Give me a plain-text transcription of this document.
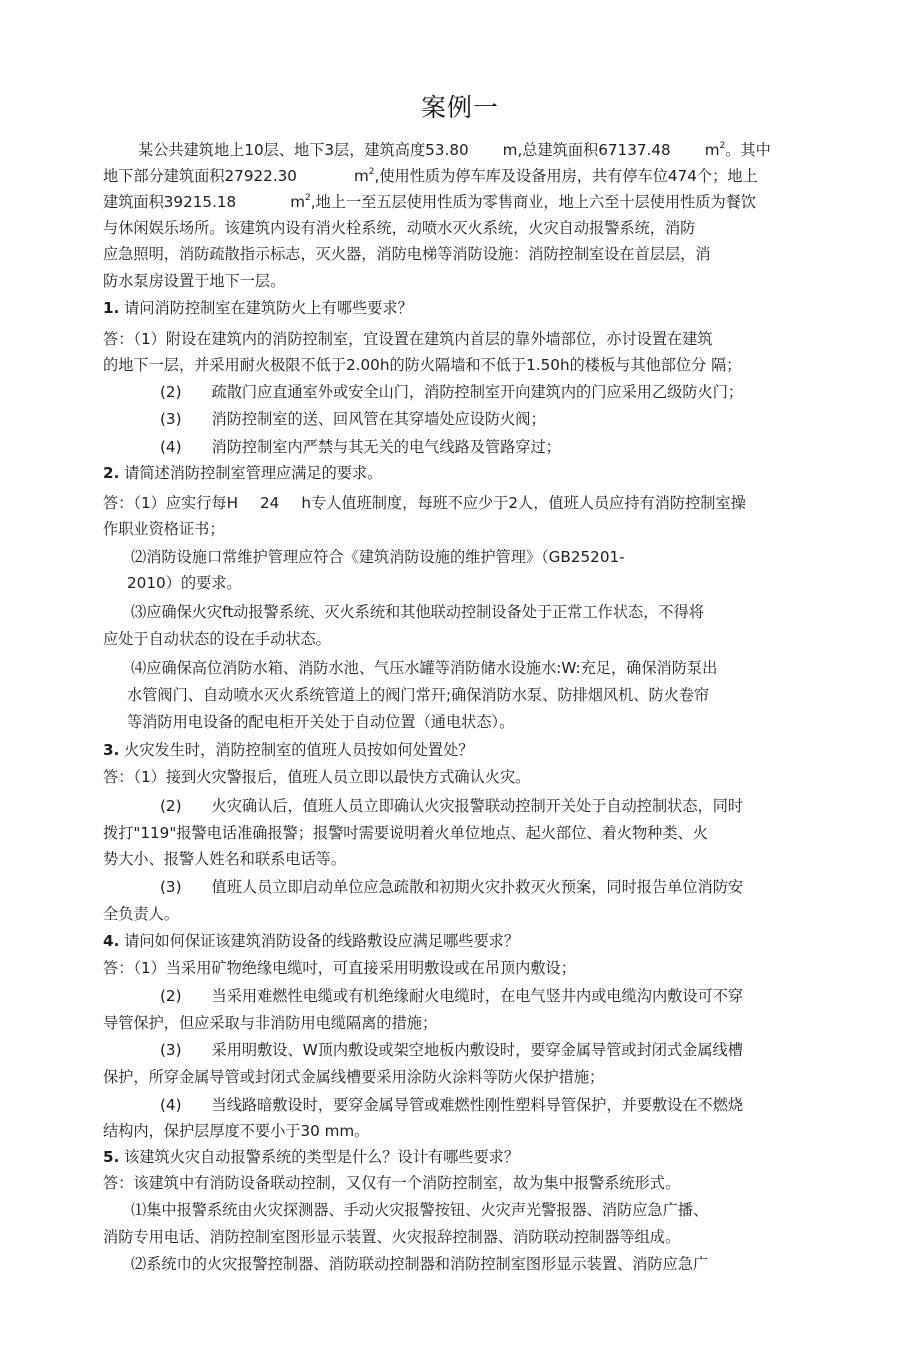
案例一
某公共建筑地上10层、地下3层，建筑高度53.80 m,总建筑面积67137.48 $m^2$。其中
地下部分建筑面积27922.30	$m^2$,使用性质为停车库及设备用房，共有停车位474个；地上
建筑面积39215.18	$m^2$,地上一至五层使用性质为零售商业，地上六至十层使用性质为餐饮
与休闲娱乐场所。该建筑内设有消火栓系统，动喷水灭火系统，火灾自动报警系统，消防
应急照明，消防疏散指示标志，灭火器，消防电梯等消防设施：消防控制室设在首层层，消
防水泵房设置于地下一层。
1. 请问消防控制室在建筑防火上有哪些要求？
答：（1）附设在建筑内的消防控制室，宜设置在建筑内首层的靠外墙部位，亦讨设置在建筑
的地下一层，并采用耐火极限不低于2.00h的防火隔墙和不低于1.50h的楼板与其他部位分 隔；
(2) 疏散门应直通室外或安全山门，消防控制室开向建筑内的门应采用乙级防火门；
(3) 消防控制室的送、回风管在其穿墙处应设防火阀；
(4) 消防控制室内严禁与其无关的电气线路及管路穿过；
2. 请简述消防控制室管理应满足的要求。
答：（1）应实行每H 24 h专人值班制度，每班不应少于2人，值班人员应持有消防控制室操
作职业资格证书；
⑵消防设施口常维护管理应符合《建筑消防设施的维护管理》（GB25201-
2010）的要求。
⑶应确保火灾ft动报警系统、灭火系统和其他联动控制设备处于正常工作状态，不得将
应处于自动状态的设在手动状态。
⑷应确保高位消防水箱、消防水池、气压水罐等消防储水设施水:W:充足，确保消防泵出
水管阀门、自动喷水灭火系统管道上的阀门常幵;确保消防水泵、防排烟风机、防火卷帘
等消防用电设备的配电柜开关处于自动位置（通电状态）。
3. 火灾发生时，消防控制室的值班人员按如何处置处？
答：（1）接到火灾警报后，值班人员立即以最快方式确认火灾。
(2) 火灾确认后，值班人员立即确认火灾报警联动控制开关处于自动控制状态，同时
拨打"119"报警电话准确报警；报警吋需要说明着火单位地点、起火部位、着火物种类、火
势大小、报警人姓名和联系电话等。
(3) 值班人员立即启动单位应急疏散和初期火灾扑救灭火预案，同时报告单位消防安
全负责人。
4. 请问如何保证该建筑消防设备的线路敷设应满足哪些要求？
答：（1）当采用矿物绝缘电缆吋，可直接采用明敷设或在吊顶内敷设；
(2) 当采用难燃性电缆或有机绝缘耐火电缆时，在电气竖井内或电缆沟内敷设可不穿
导管保护，但应采取与非消防用电缆隔离的措施；
(3) 采用明敷设、W顶内敷设或架空地板内敷设时，要穿金属导管或封闭式金属线槽
保护，所穿金属导管或封闭式金属线槽要采用涂防火涂料等防火保护措施；
(4) 当线路暗敷设时，要穿金属导管或难燃性刚性塑料导管保护，并要敷设在不燃烧
结构内，保护层厚度不要小于30 mm。
5. 该建筑火灾自动报警系统的类型是什么？设计有哪些要求？
答：该建筑中有消防设备联动控制，又仅有一个消防控制室，故为集中报警系统形式。
⑴集中报警系统由火灾探测器、手动火灾报警按钮、火灾声光警报器、消防应急广播、
消防专用电话、消防控制室图形显示装置、火灾报辞控制器、消防联动控制器等组成。
⑵系统巾的火灾报警控制器、消防联动控制器和消防控制室图形显示装置、消防应急广
